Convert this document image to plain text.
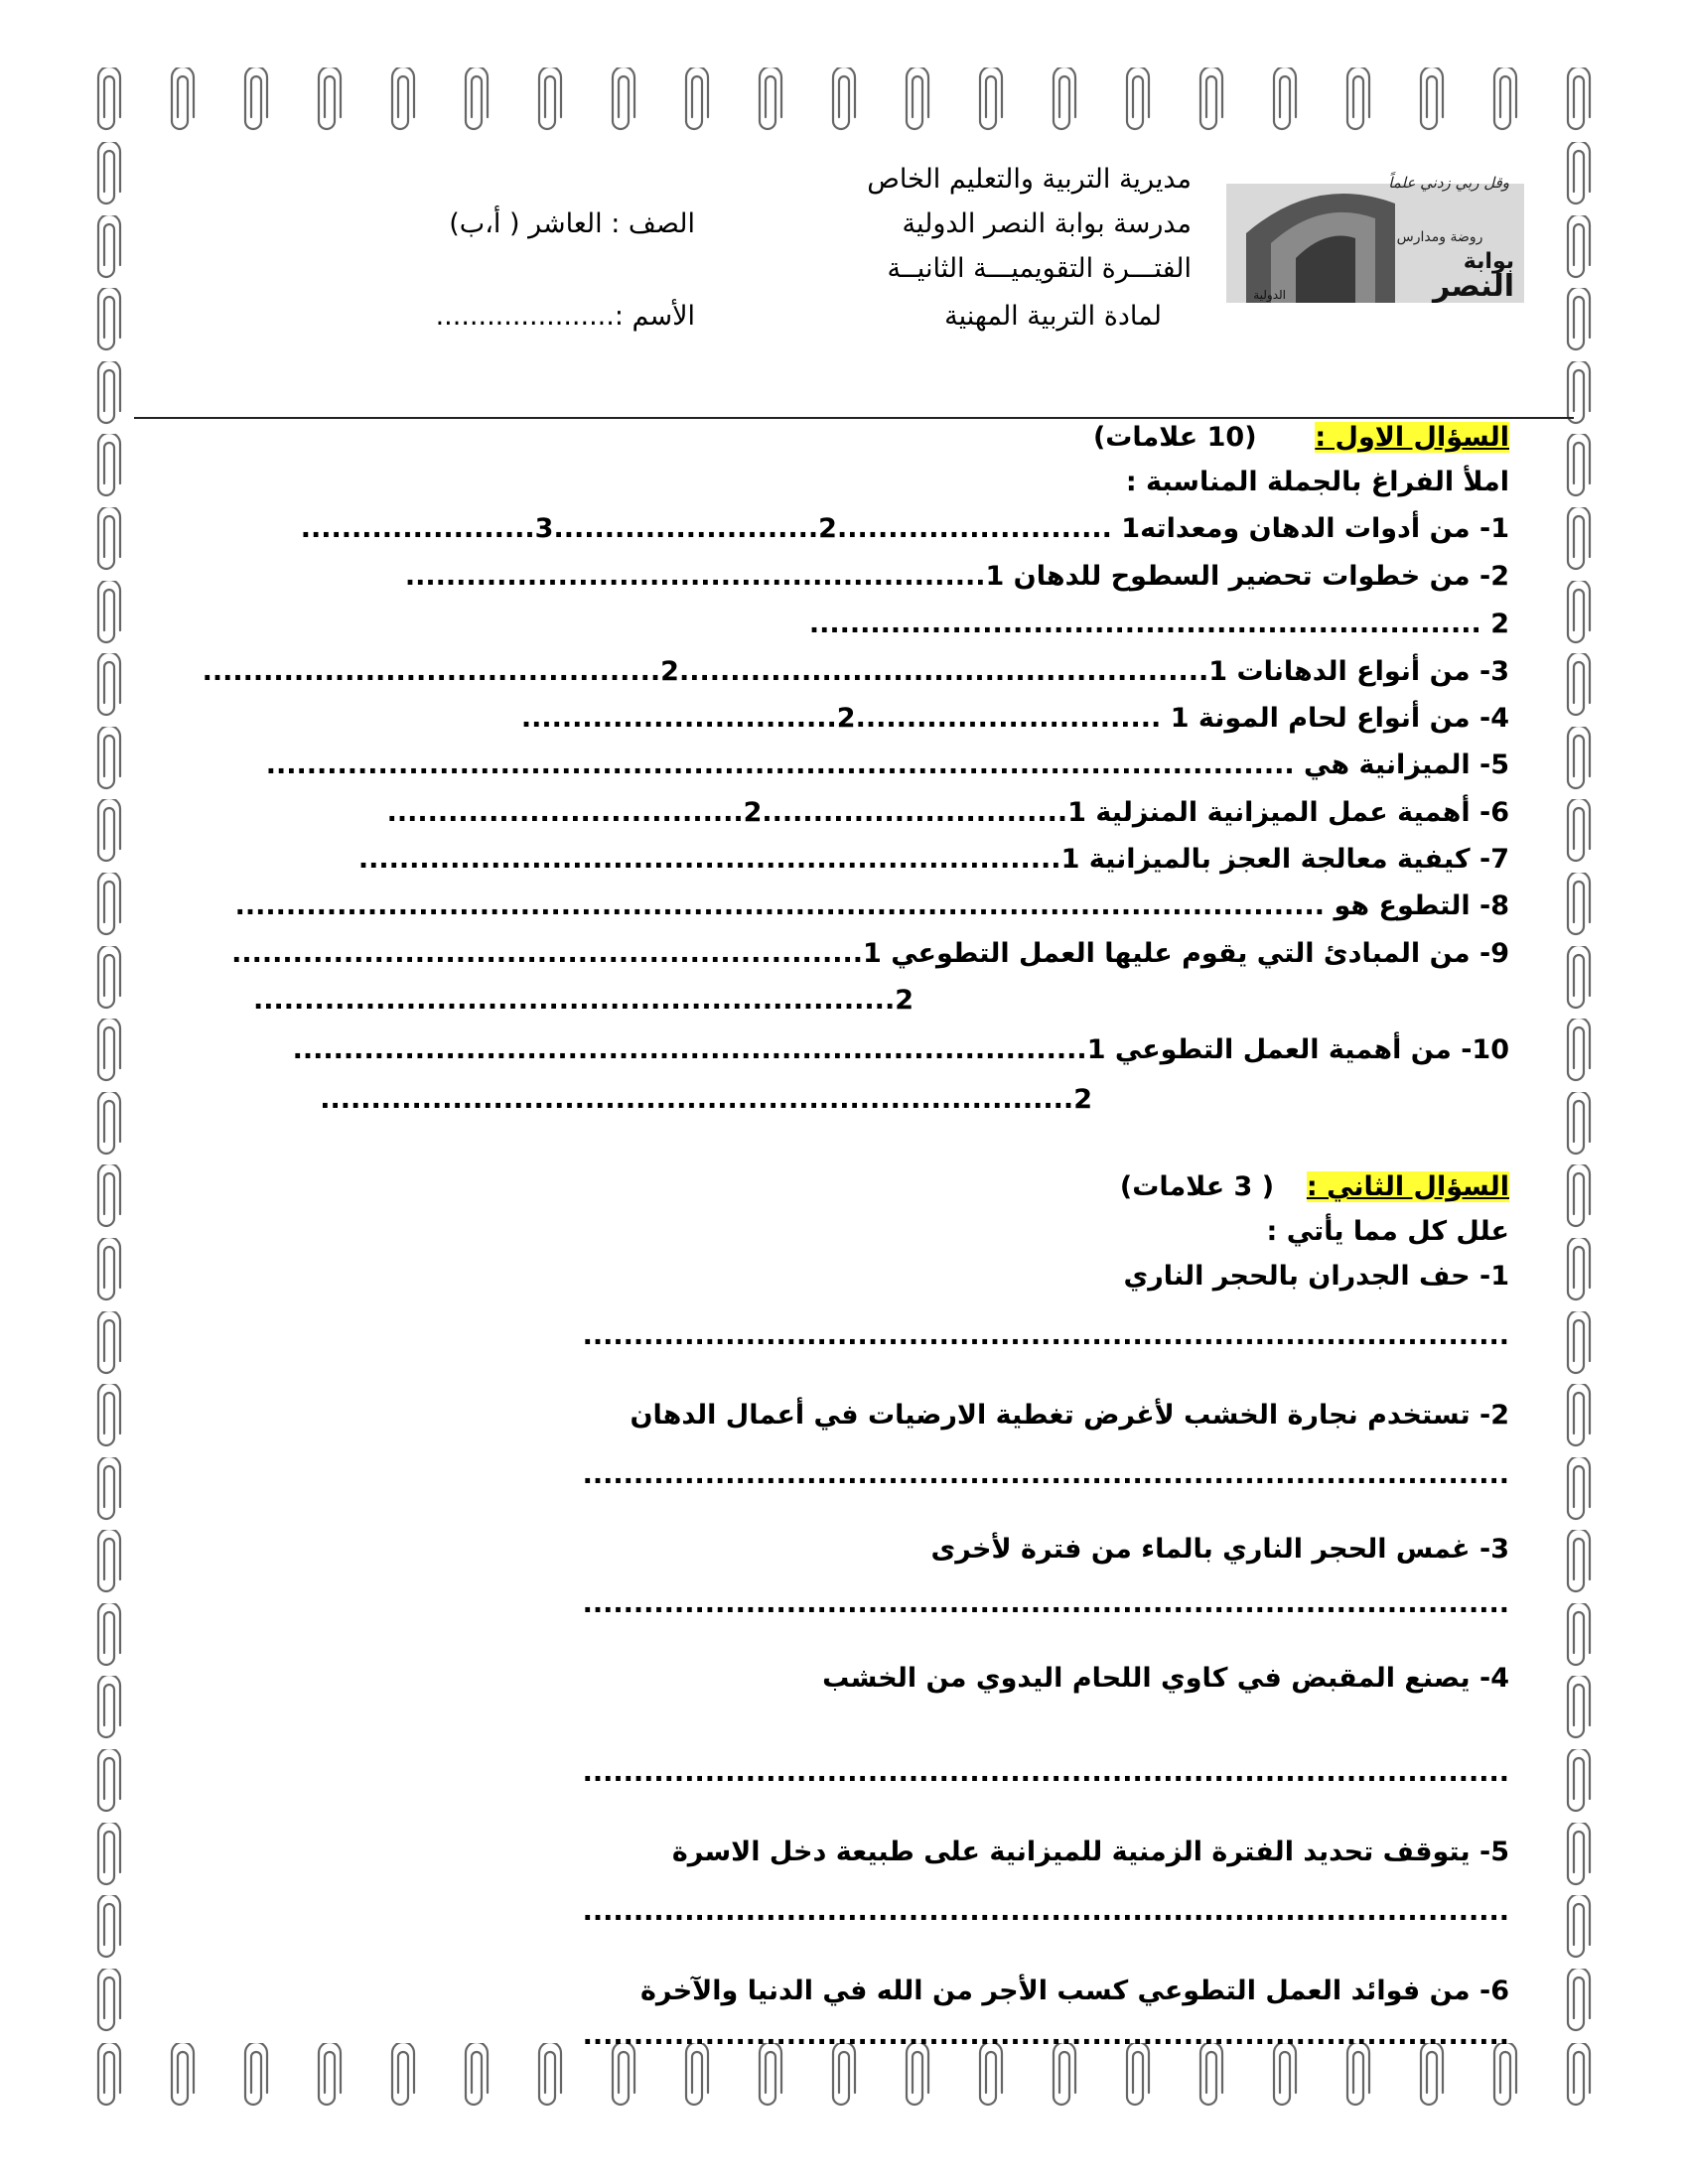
مديرية التربية والتعليم الخاص
مدرسة بوابة النصر الدولية
الفتـــرة التقويميـــة الثانيــة
لمادة التربية المهنية
الصف : العاشر ( أ،ب)
الأسم :.....................
وقل ربي زدني علماً
روضة ومدارس
بوابة
النصر
الدولية
السؤال الاول :  (10 علامات)
املأ الفراغ بالجملة المناسبة :
1- من أدوات الدهان ومعداته1 ...........................2..........................3.......................
2- من خطوات تحضير السطوح للدهان 1.........................................................
2 ..................................................................
3- من أنواع الدهانات 1....................................................2.............................................
4- من أنواع لحام المونة 1 ..............................2...............................
5- الميزانية هي .....................................................................................................
6- أهمية عمل الميزانية المنزلية 1..............................2...................................
7- كيفية معالجة العجز بالميزانية 1.....................................................................
8- التطوع هو ...........................................................................................................
9- من المبادئ التي يقوم عليها العمل التطوعي 1..............................................................
2...............................................................
10- من أهمية العمل التطوعي 1..............................................................................
2..........................................................................
السؤال الثاني :  ( 3 علامات)
علل كل مما يأتي :
1- حف الجدران بالحجر الناري
...........................................................................................
2- تستخدم نجارة الخشب لأغرض تغطية الارضيات في أعمال الدهان
...........................................................................................
3- غمس الحجر الناري بالماء من فترة لأخرى
...........................................................................................
4- يصنع المقبض في كاوي اللحام اليدوي من الخشب
...........................................................................................
5- يتوقف تحديد الفترة الزمنية للميزانية على طبيعة دخل الاسرة
...........................................................................................
6- من فوائد العمل التطوعي كسب الأجر من الله في الدنيا والآخرة
...........................................................................................
